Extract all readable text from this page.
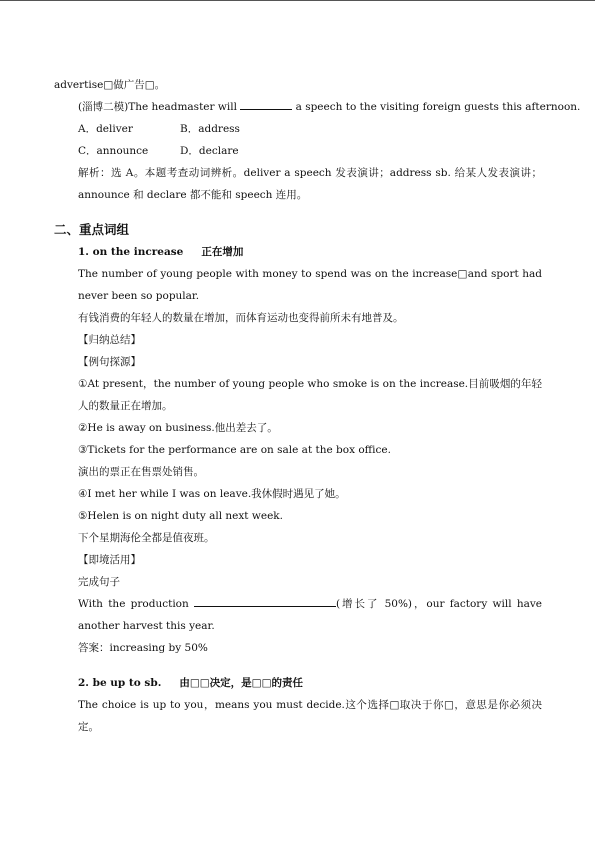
advertise□做广告□。

(淄博二模)The headmaster will	a speech to the visiting foreign guests this afternoon.

A．deliver	B．address

C．announce	D．declare

解析：选 A。本题考查动词辨析。deliver a speech 发表演讲；address sb. 给某人发表演讲；announce 和 declare 都不能和 speech 连用。

二、重点词组

1. on the increase 正在增加

The number of young people with money to spend was on the increase□and sport had never been so popular.

有钱消费的年轻人的数量在增加，而体育运动也变得前所未有地普及。

【归纳总结】

【例句探源】

①At present，the number of young people who smoke is on the increase.目前吸烟的年轻人的数量正在增加。

②He is away on business.他出差去了。

③Tickets for the performance are on sale at the box office.

演出的票正在售票处销售。

④I met her while I was on leave.我休假时遇见了她。

⑤Helen is on night duty all next week.

下个星期海伦全都是值夜班。

【即境活用】

完成句子

With the production	(增长了 50%)，our factory will have another harvest this year.

答案：increasing by 50%

2. be up to sb. 由□□决定，是□□的责任

The choice is up to you，means you must decide.这个选择□取决于你□，意思是你必须决定。
